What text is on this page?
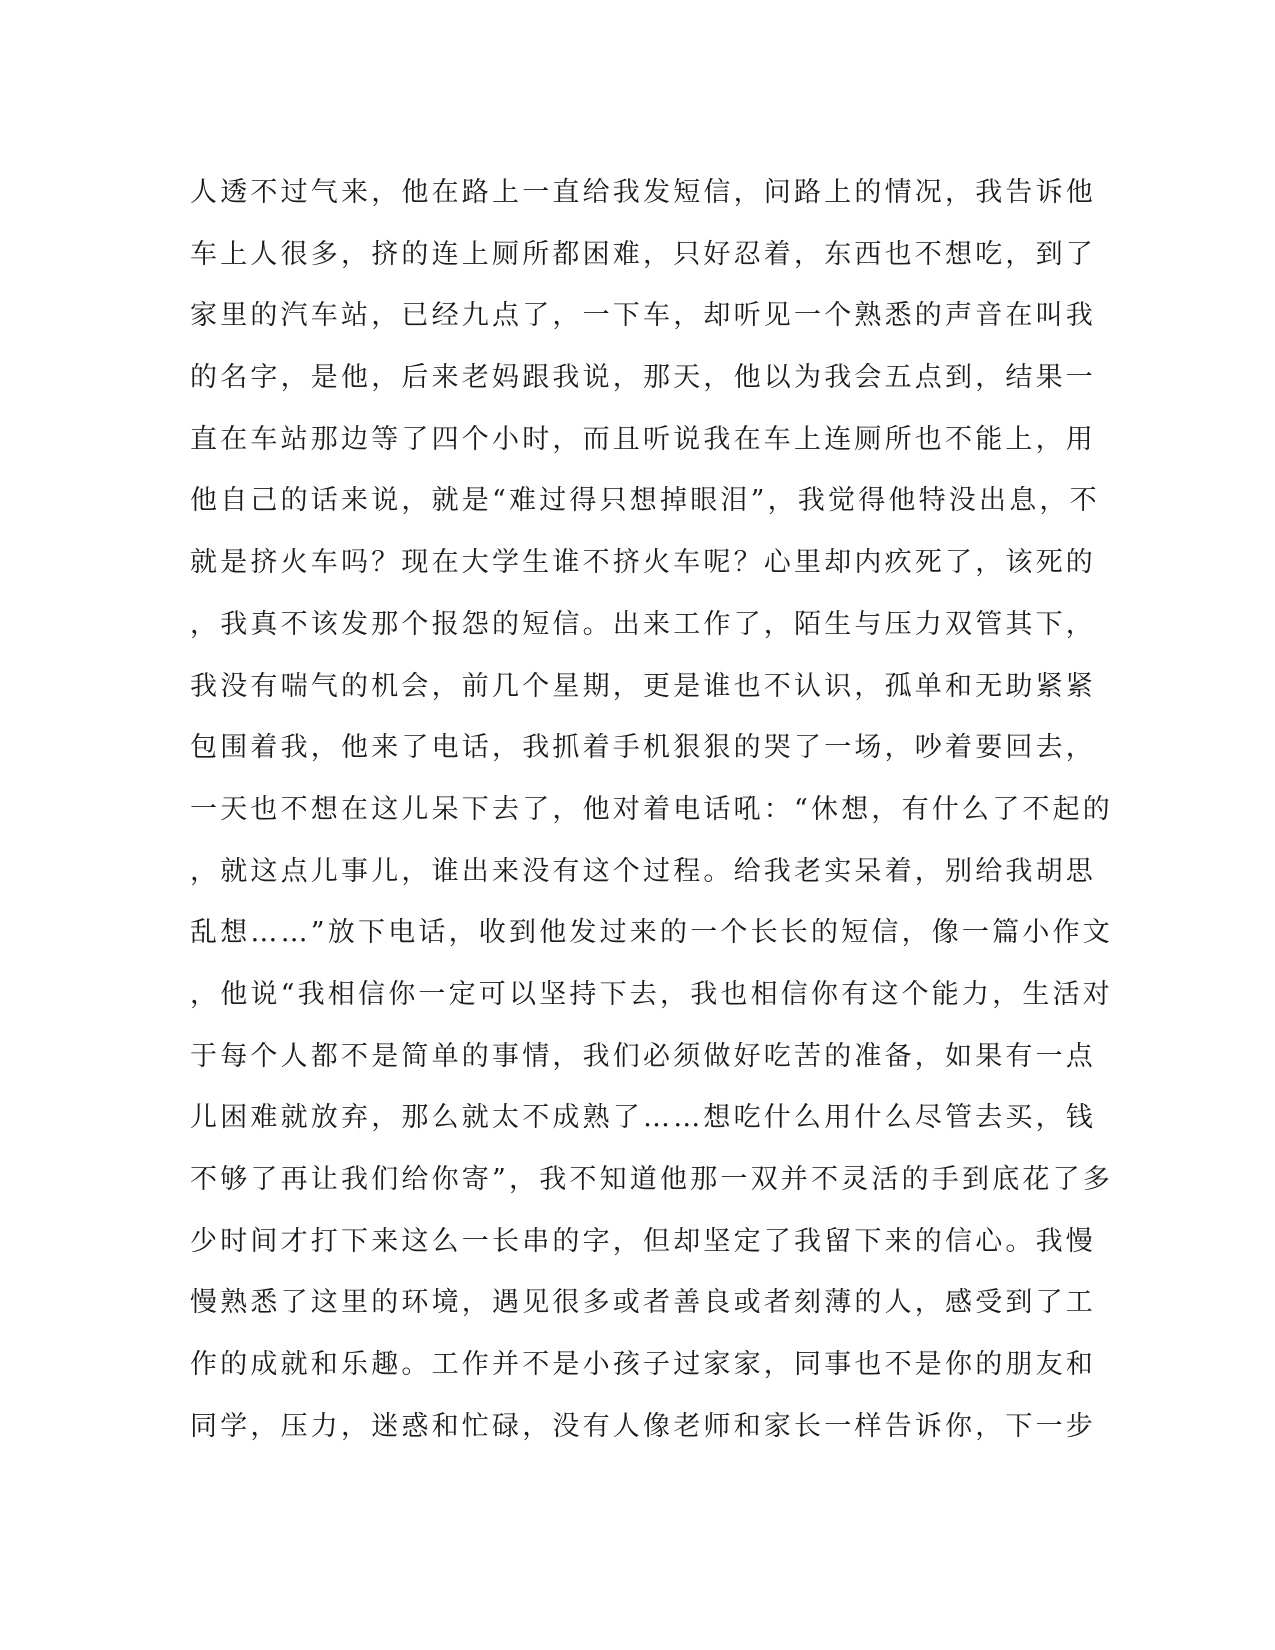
人透不过气来，他在路上一直给我发短信，问路上的情况，我告诉他
车上人很多，挤的连上厕所都困难，只好忍着，东西也不想吃，到了
家里的汽车站，已经九点了，一下车，却听见一个熟悉的声音在叫我
的名字，是他，后来老妈跟我说，那天，他以为我会五点到，结果一
直在车站那边等了四个小时，而且听说我在车上连厕所也不能上，用
他自己的话来说，就是“难过得只想掉眼泪”，我觉得他特没出息，不
就是挤火车吗？现在大学生谁不挤火车呢？心里却内疚死了，该死的
，我真不该发那个报怨的短信。出来工作了，陌生与压力双管其下，
我没有喘气的机会，前几个星期，更是谁也不认识，孤单和无助紧紧
包围着我，他来了电话，我抓着手机狠狠的哭了一场，吵着要回去，
一天也不想在这儿呆下去了，他对着电话吼：“休想，有什么了不起的
，就这点儿事儿，谁出来没有这个过程。给我老实呆着，别给我胡思
乱想……”放下电话，收到他发过来的一个长长的短信，像一篇小作文
，他说“我相信你一定可以坚持下去，我也相信你有这个能力，生活对
于每个人都不是简单的事情，我们必须做好吃苦的准备，如果有一点
儿困难就放弃，那么就太不成熟了……想吃什么用什么尽管去买，钱
不够了再让我们给你寄”，我不知道他那一双并不灵活的手到底花了多
少时间才打下来这么一长串的字，但却坚定了我留下来的信心。我慢
慢熟悉了这里的环境，遇见很多或者善良或者刻薄的人，感受到了工
作的成就和乐趣。工作并不是小孩子过家家，同事也不是你的朋友和
同学，压力，迷惑和忙碌，没有人像老师和家长一样告诉你，下一步
